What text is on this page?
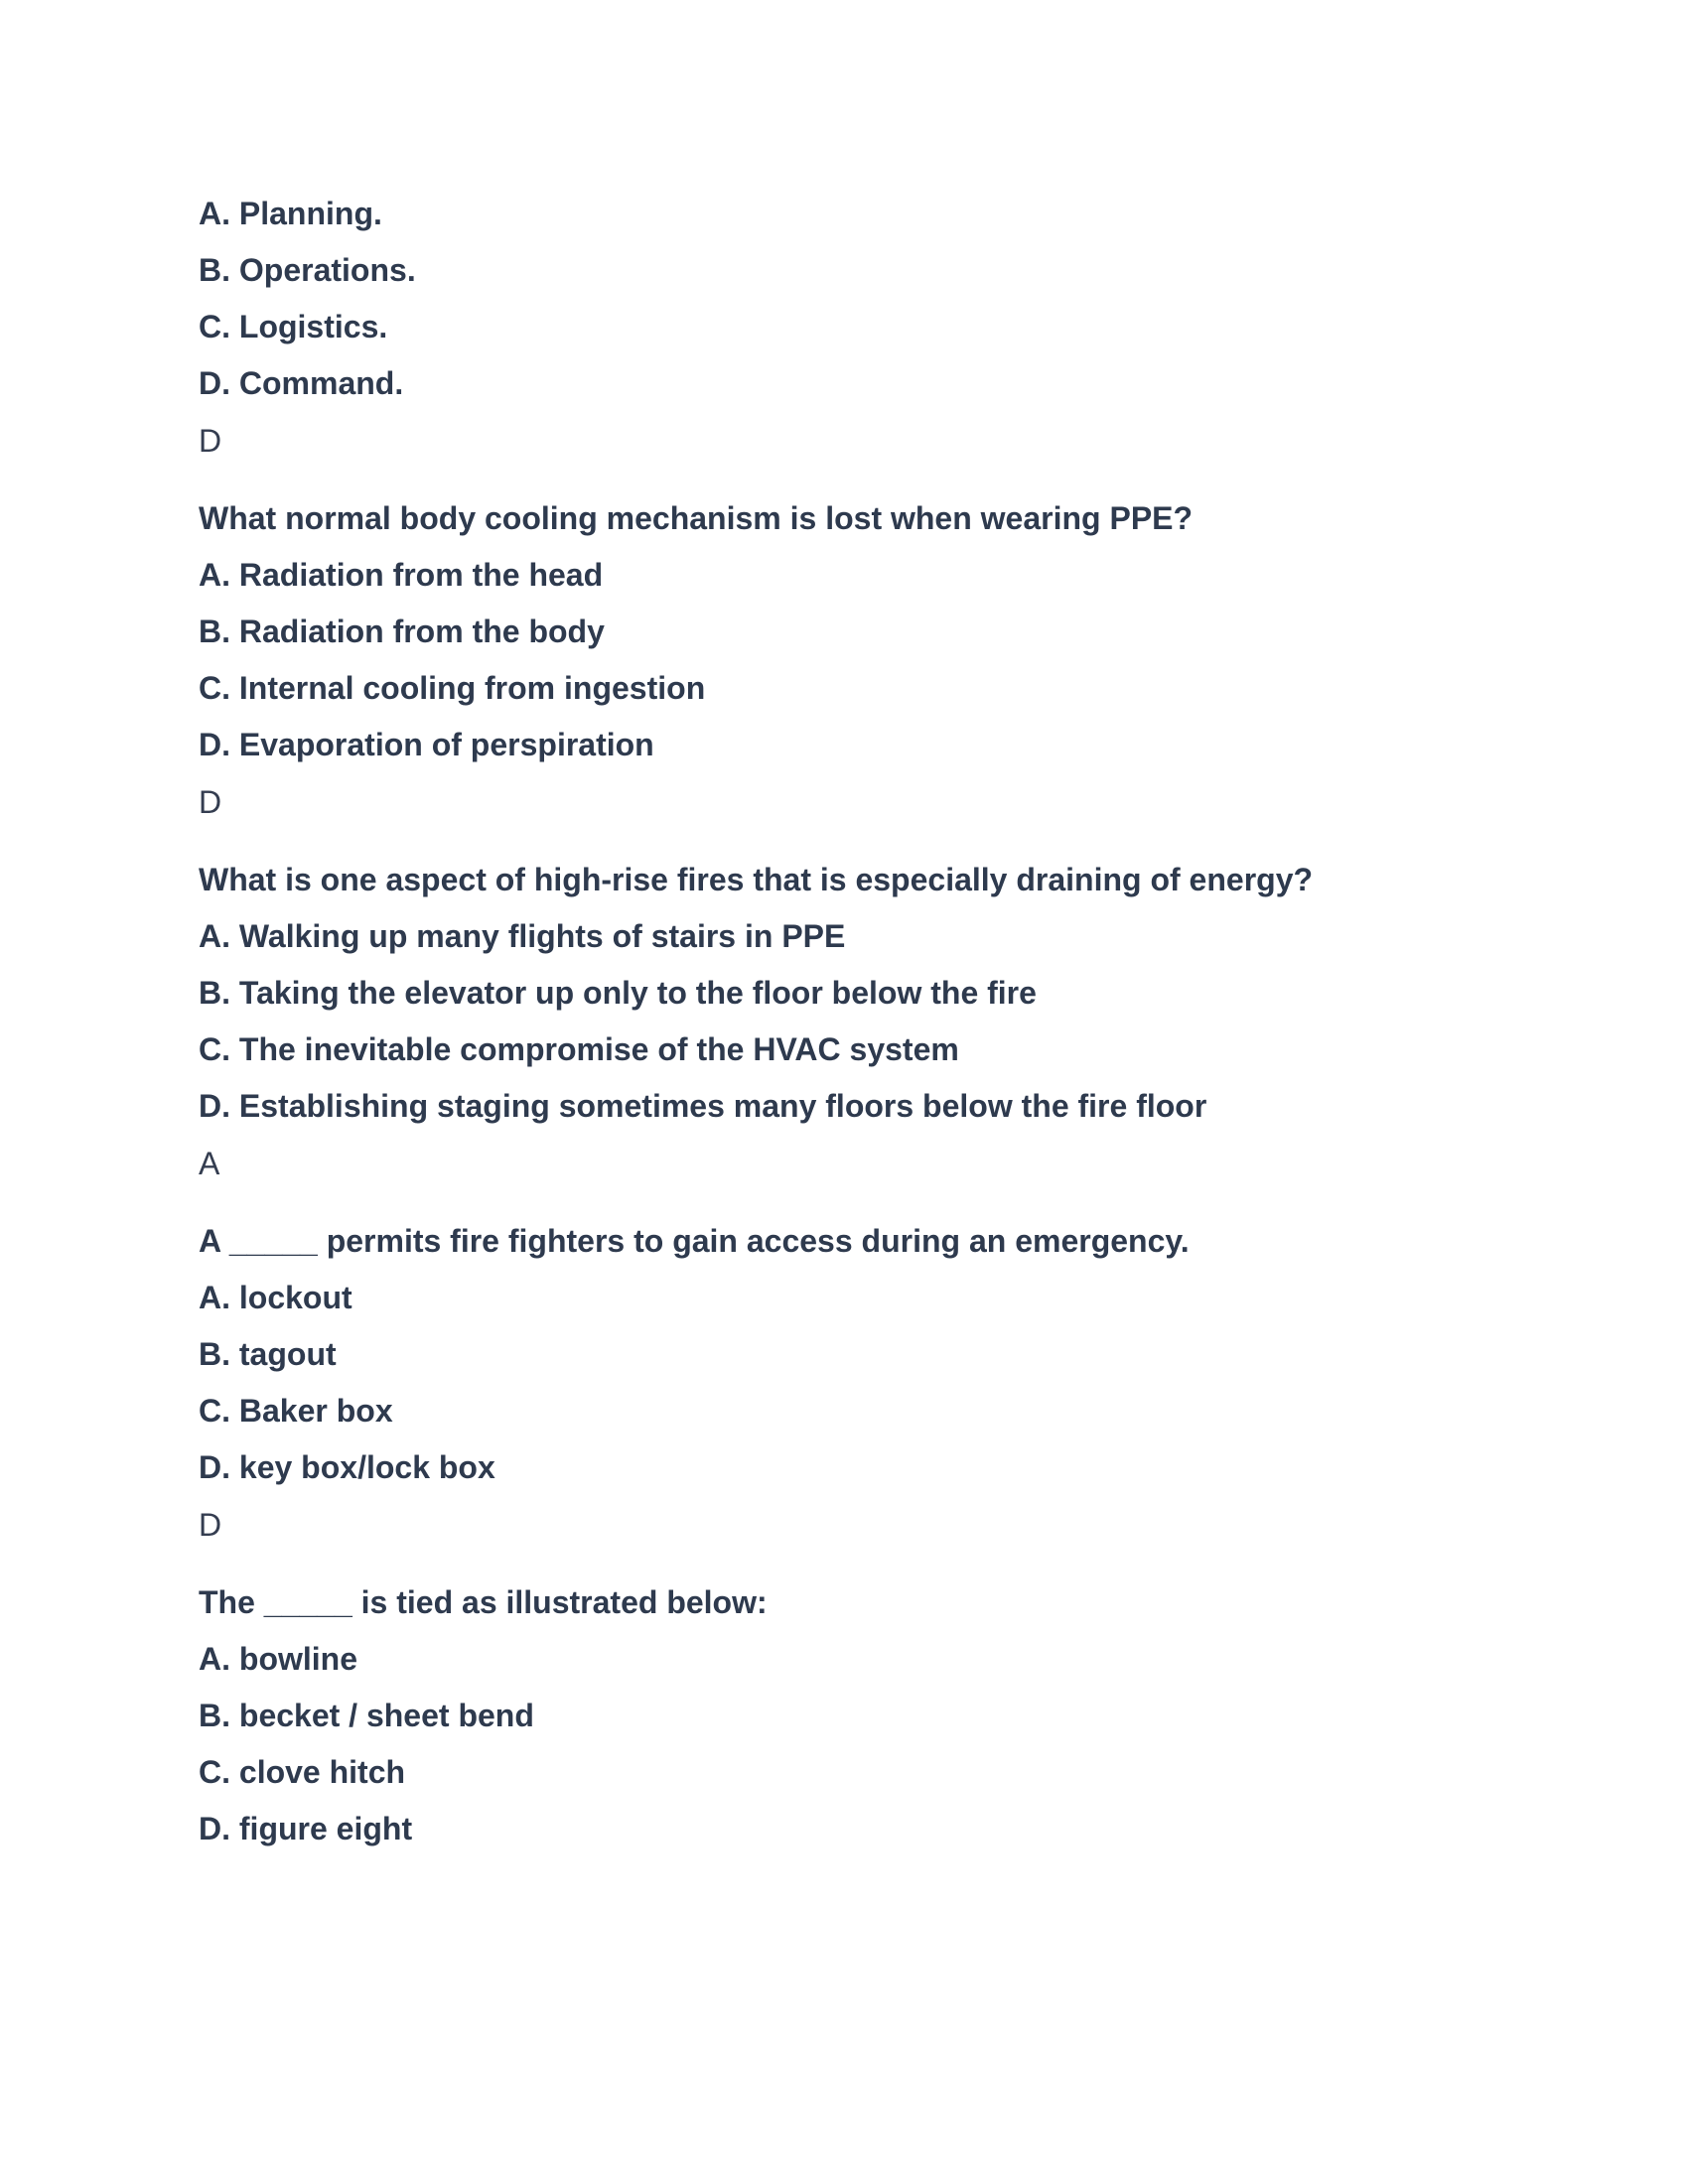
A. Planning.

B. Operations.

C. Logistics.

D. Command.

D

What normal body cooling mechanism is lost when wearing PPE?

A. Radiation from the head

B. Radiation from the body

C. Internal cooling from ingestion

D. Evaporation of perspiration

D

What is one aspect of high-rise fires that is especially draining of energy?

A. Walking up many flights of stairs in PPE

B. Taking the elevator up only to the floor below the fire

C. The inevitable compromise of the HVAC system

D. Establishing staging sometimes many floors below the fire floor

A

A _____ permits fire fighters to gain access during an emergency.

A. lockout

B. tagout

C. Baker box

D. key box/lock box

D

The _____ is tied as illustrated below:

A. bowline

B. becket / sheet bend

C. clove hitch

D. figure eight
